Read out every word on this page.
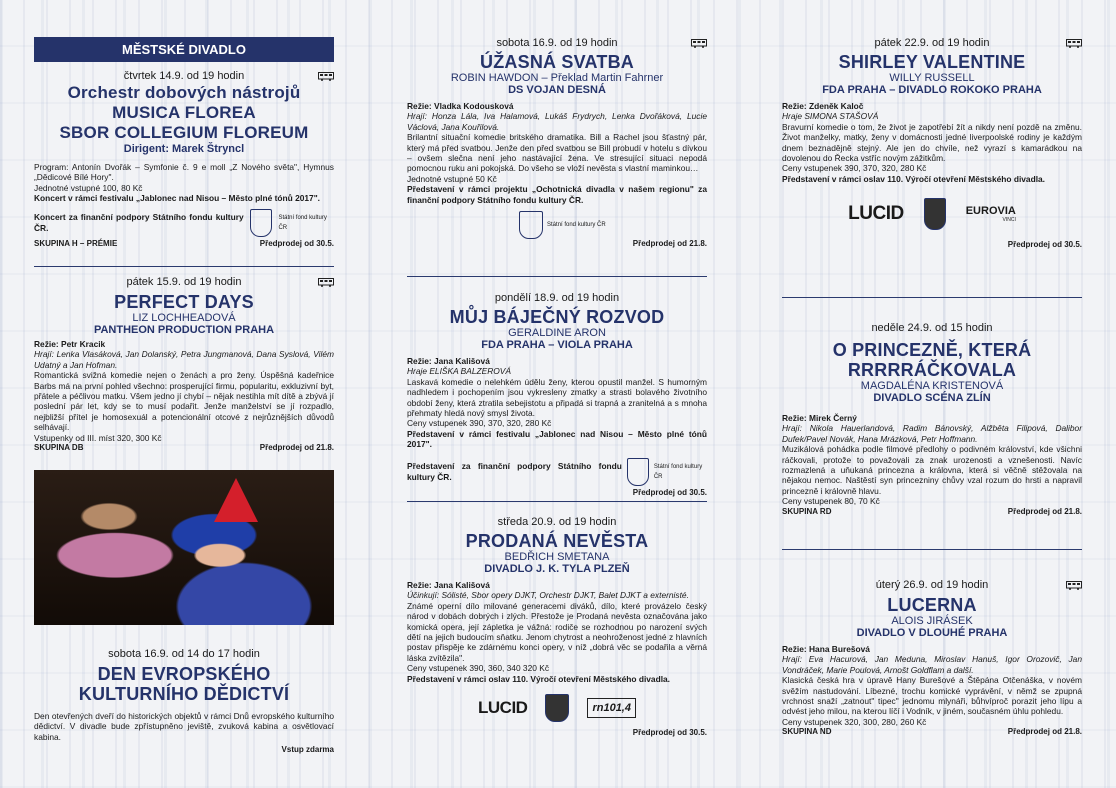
MĚSTSKÉ DIVADLO
čtvrtek 14.9. od 19 hodin
Orchestr dobových nástrojů
MUSICA FLOREA
SBOR COLLEGIUM FLOREUM
Dirigent: Marek Štryncl
Program: Antonín Dvořák – Symfonie č. 9 e moll „Z Nového světa", Hymnus „Dědicové Bílé Hory".
Jednotné vstupné 100, 80 Kč
Koncert v rámci festivalu „Jablonec nad Nisou – Město plné tónů 2017".
Koncert za finanční podpory Státního fondu kultury ČR.
Státní fond kultury ČR
SKUPINA H – PRÉMIE	Předprodej od 30.5.
pátek 15.9. od 19 hodin
PERFECT DAYS
LIZ LOCHHEADOVÁ
PANTHEON PRODUCTION PRAHA
Režie: Petr Kracik
Hrají: Lenka Vlasáková, Jan Dolanský, Petra Jungmanová, Dana Syslová, Vilém Udatný a Jan Hofman.
Romantická svižná komedie nejen o ženách a pro ženy. Úspěšná kadeřnice Barbs má na první pohled všechno: prosperující firmu, popularitu, exkluzivní byt, přátele a péčlivou matku. Všem jedno jí chybí – nějak nestihla mít dítě a zbývá jí poslední pár let, kdy se to musí podařit. Jenže manželství se jí rozpadlo, nejbližší přítel je homosexuál a potencionální otcové z nejrůznějších důvodů selhávají.
Vstupenky od III. míst 320, 300 Kč
SKUPINA DB	Předprodej od 21.8.
sobota 16.9. od 14 do 17 hodin
DEN EVROPSKÉHO
KULTURNÍHO DĚDICTVÍ
Den otevřených dveří do historických objektů v rámci Dnů evropského kulturního dědictví. V divadle bude zpřístupněno jeviště, zvuková kabina a osvětlovací kabina.
Vstup zdarma
sobota 16.9. od 19 hodin
ÚŽASNÁ SVATBA
ROBIN HAWDON – Překlad Martin Fahrner
DS VOJAN DESNÁ
Režie: Vladka Kodousková
Hrají: Honza Lála, Iva Halamová, Lukáš Frydrych, Lenka Dvořáková, Lucie Václová, Jana Kouřilová.
Brilantní situační komedie britského dramatika. Bill a Rachel jsou šťastný pár, který má před svatbou. Jenže den před svatbou se Bill probudí v hotelu s dívkou – ovšem slečna není jeho nastávající žena. Ve stresující situaci nepodá pomocnou ruku ani pokojská. Do všeho se vloží nevěsta s vlastní maminkou…
Jednotné vstupné 50 Kč
Představení v rámci projektu „Ochotnická divadla v našem regionu" za finanční podpory Státního fondu kultury ČR.
Státní fond kultury ČR
Předprodej od 21.8.
pondělí 18.9. od 19 hodin
MŮJ BÁJEČNÝ ROZVOD
GERALDINE ARON
FDA PRAHA – VIOLA PRAHA
Režie: Jana Kališová
Hraje ELIŠKA BALZEROVÁ
Laskavá komedie o nelehkém údělu ženy, kterou opustil manžel. S humorným nadhledem i pochopením jsou vykresleny zmatky a strasti bolavého životního období ženy, která ztratila sebejistotu a připadá si trapná a zranitelná a s mnoha přehmaty hledá nový smysl života.
Ceny vstupenek 390, 370, 320, 280 Kč
Představení v rámci festivalu „Jablonec nad Nisou – Město plné tónů 2017".
Představení za finanční podpory Státního fondu kultury ČR.
Státní fond kultury ČR
Předprodej od 30.5.
středa 20.9. od 19 hodin
PRODANÁ NEVĚSTA
BEDŘICH SMETANA
DIVADLO J. K. TYLA PLZEŇ
Režie: Jana Kališová
Účinkují: Sólisté, Sbor opery DJKT, Orchestr DJKT, Balet DJKT a externisté.
Známé operní dílo milované generacemi diváků, dílo, které provázelo český národ v dobách dobrých i zlých. Přestože je Prodaná nevěsta označována jako komická opera, její zápletka je vážná: rodiče se rozhodnou po narození svých dětí na jejich budoucím sňatku. Jenom chytrost a neohroženost jedné z hlavních postav přispěje ke zdárnému konci opery, v níž „dobrá věc se podařila a věrná láska zvítězila".
Ceny vstupenek 390, 360, 340 320 Kč
Představení v rámci oslav 110. Výročí otevření Městského divadla.
LUCID	rn101,4
Předprodej od 30.5.
pátek 22.9. od 19 hodin
SHIRLEY VALENTINE
WILLY RUSSELL
FDA PRAHA – DIVADLO ROKOKO PRAHA
Režie: Zdeněk Kaloč
Hraje SIMONA STAŠOVÁ
Bravurní komedie o tom, že život je zapotřebí žít a nikdy není pozdě na změnu. Život manželky, matky, ženy v domácnosti jedné liverpoolské rodiny je každým dnem beznadějně stejný. Ale jen do chvíle, než vyrazí s kamarádkou na dovolenou do Řecka vstříc novým zážitkům.
Ceny vstupenek 390, 370, 320, 280 Kč
Představení v rámci oslav 110. Výročí otevření Městského divadla.
LUCID	EUROVIA
VINCI
Předprodej od 30.5.
neděle 24.9. od 15 hodin
O PRINCEZNĚ, KTERÁ
RRRRRÁČKOVALA
MAGDALÉNA KRISTENOVÁ
DIVADLO SCÉNA ZLÍN
Režie: Mirek Černý
Hrají: Nikola Hauerlandová, Radim Bánovský, Alžběta Filipová, Dalibor Dufek/Pavel Novák, Hana Mrázková, Petr Hoffmann.
Muzikálová pohádka podle filmové předlohy o podivném království, kde všichni ráčkovali, protože to považovali za znak urozenosti a vznešenosti. Navíc rozmazlená a uňukaná princezna a královna, která si věčně stěžovala na nějakou nemoc. Naštěstí syn princezniny chůvy vzal rozum do hrsti a napravil princezně i královně hlavu.
Ceny vstupenek 80, 70 Kč
SKUPINA RD	Předprodej od 21.8.
úterý 26.9. od 19 hodin
LUCERNA
ALOIS JIRÁSEK
DIVADLO V DLOUHÉ PRAHA
Režie: Hana Burešová
Hrají: Eva Hacurová, Jan Meduna, Miroslav Hanuš, Igor Orozovič, Jan Vondráček, Marie Poulová, Arnošt Goldflam a další.
Klasická česká hra v úpravě Hany Burešové a Štěpána Otčenáška, v novém svěžím nastudování. Líbezné, trochu komické vyprávění, v němž se zpupná vrchnost snaží „zatnout" tipec" jednomu mlynáři, bůhvíproč porazit jeho lípu a odvést jeho milou, na kterou líčí i Vodník, v jiném, současném úhlu pohledu.
Ceny vstupenek 320, 300, 280, 260 Kč
SKUPINA ND	Předprodej od 21.8.
